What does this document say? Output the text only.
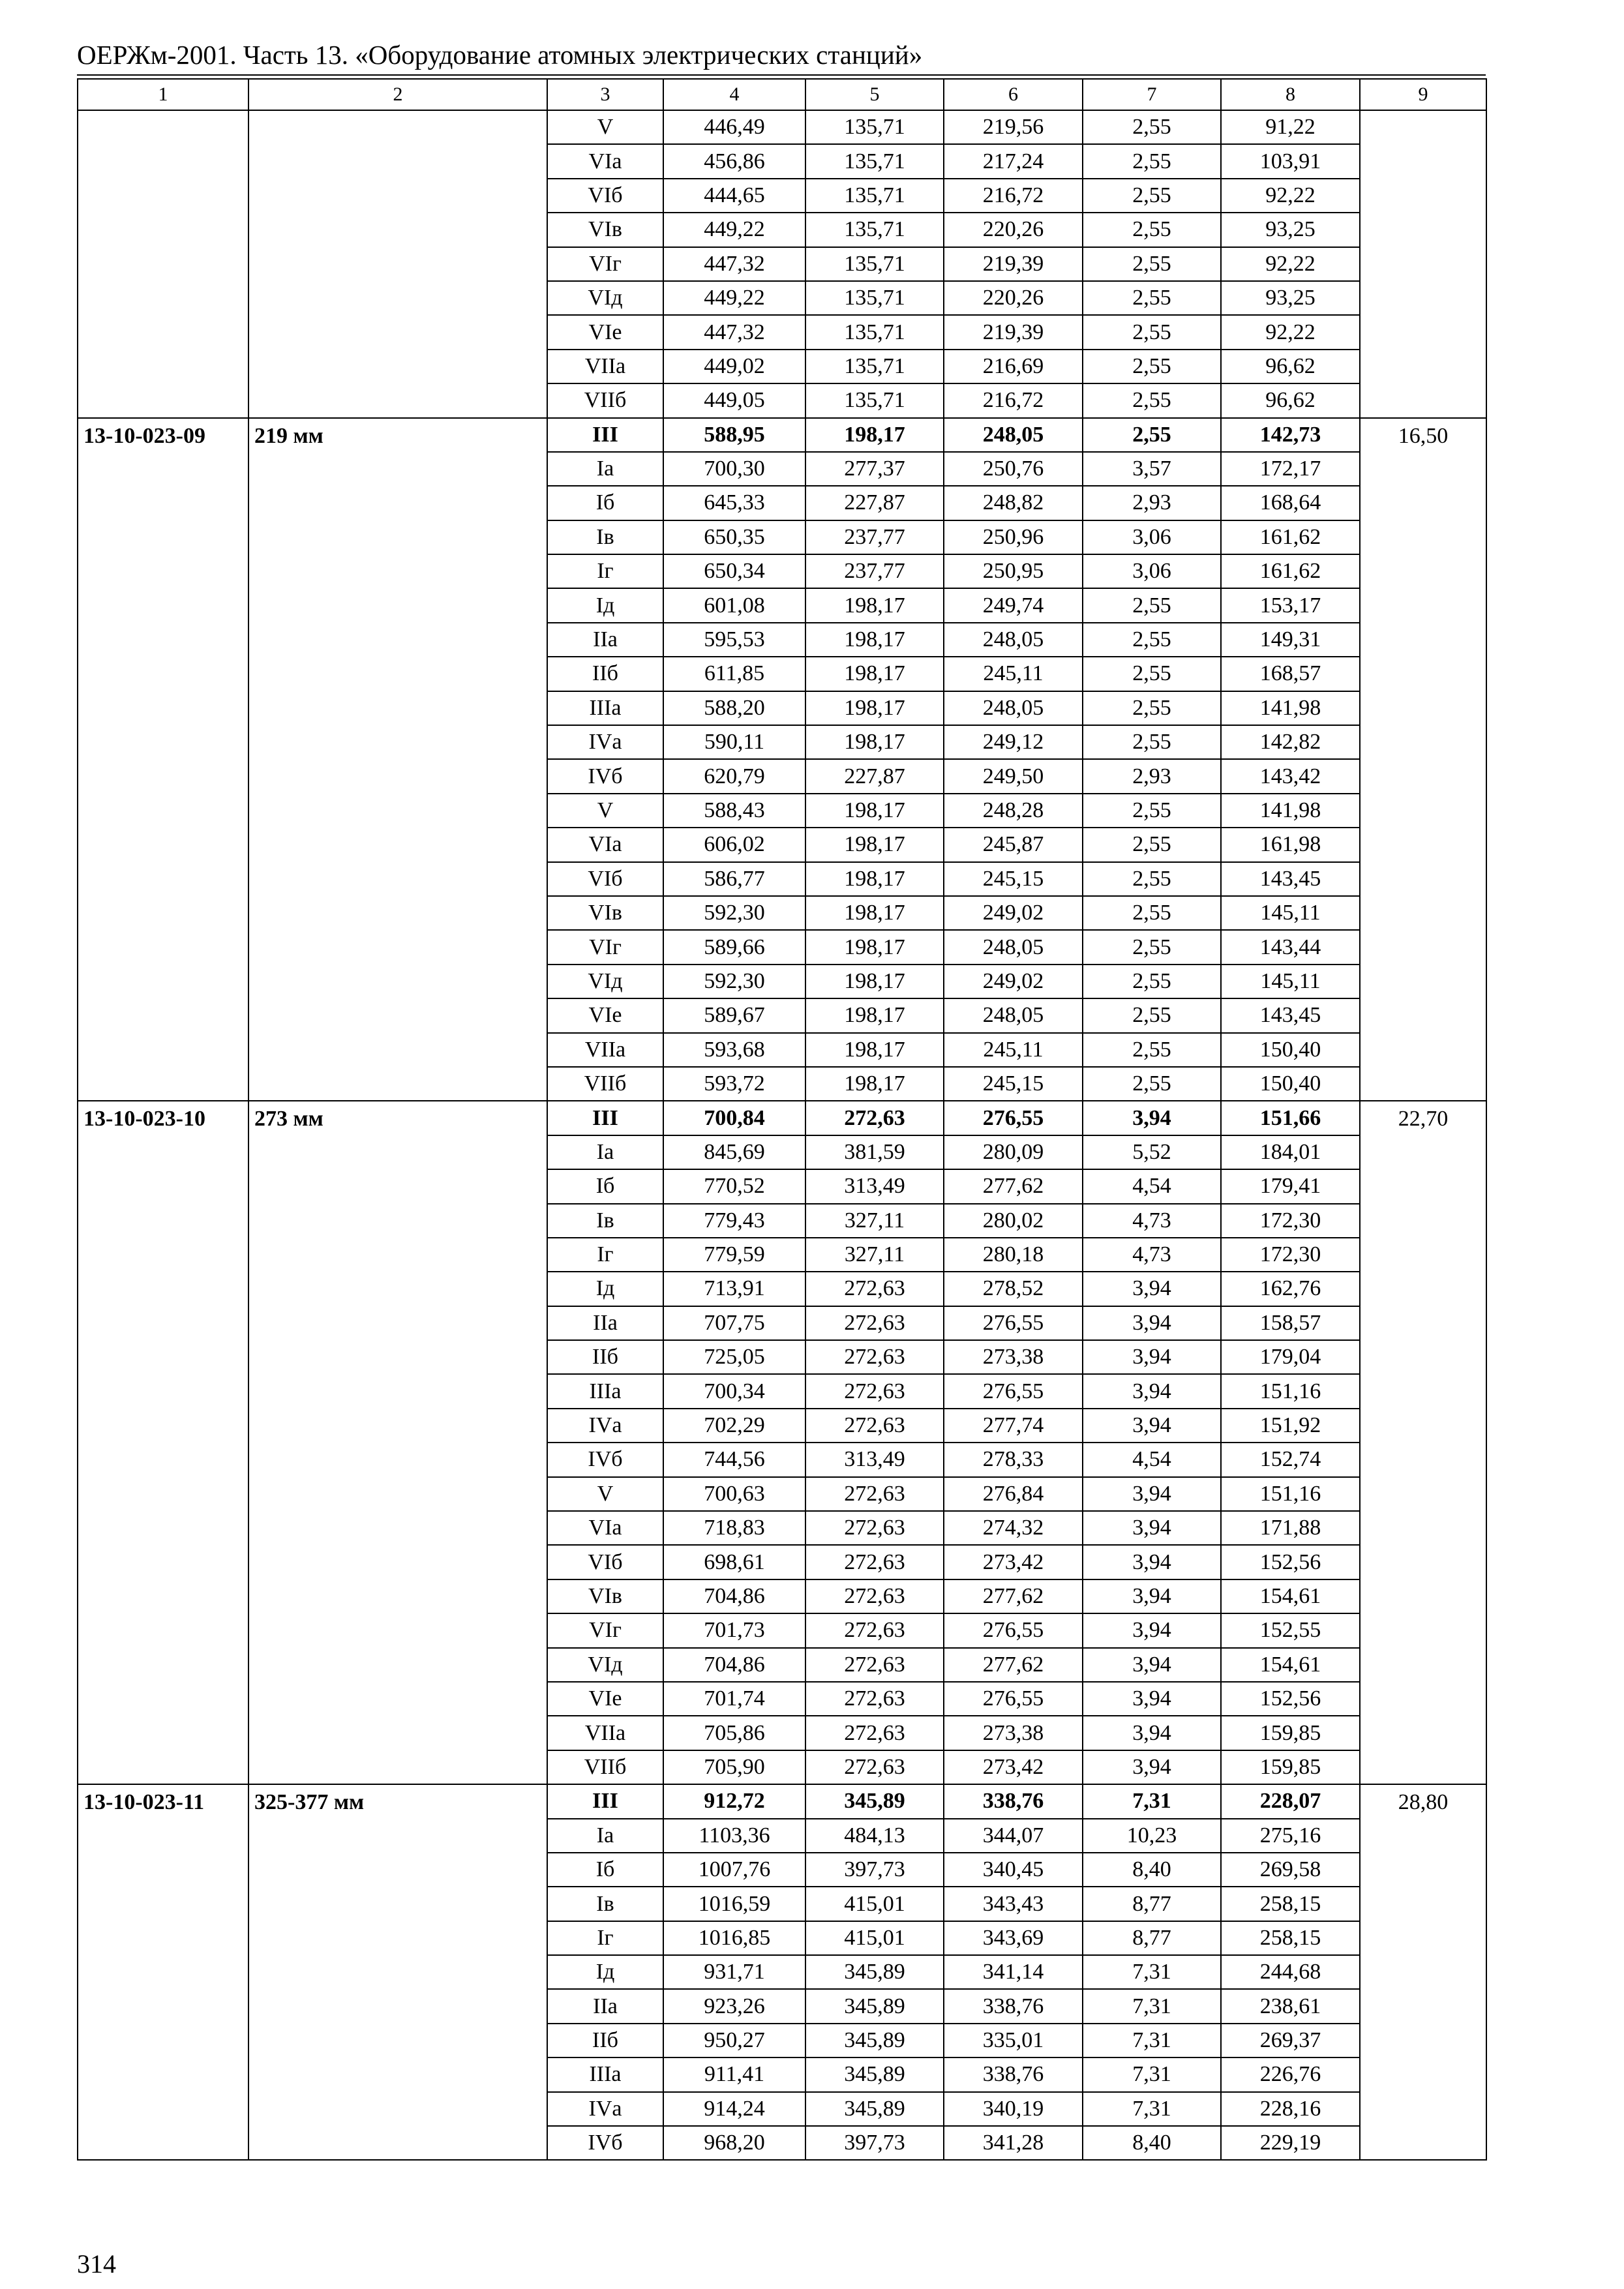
ОЕРЖм-2001. Часть 13. «Оборудование атомных электрических станций»
1	2	3	4	5	6	7	8	9
		V	446,49	135,71	219,56	2,55	91,22	
		VIа	456,86	135,71	217,24	2,55	103,91	
		VIб	444,65	135,71	216,72	2,55	92,22	
		VIв	449,22	135,71	220,26	2,55	93,25	
		VIг	447,32	135,71	219,39	2,55	92,22	
		VIд	449,22	135,71	220,26	2,55	93,25	
		VIе	447,32	135,71	219,39	2,55	92,22	
		VIIа	449,02	135,71	216,69	2,55	96,62	
		VIIб	449,05	135,71	216,72	2,55	96,62	
13-10-023-09	219 мм	III	588,95	198,17	248,05	2,55	142,73	16,50
		Iа	700,30	277,37	250,76	3,57	172,17	
		Iб	645,33	227,87	248,82	2,93	168,64	
		Iв	650,35	237,77	250,96	3,06	161,62	
		Iг	650,34	237,77	250,95	3,06	161,62	
		Iд	601,08	198,17	249,74	2,55	153,17	
		IIа	595,53	198,17	248,05	2,55	149,31	
		IIб	611,85	198,17	245,11	2,55	168,57	
		IIIа	588,20	198,17	248,05	2,55	141,98	
		IVа	590,11	198,17	249,12	2,55	142,82	
		IVб	620,79	227,87	249,50	2,93	143,42	
		V	588,43	198,17	248,28	2,55	141,98	
		VIа	606,02	198,17	245,87	2,55	161,98	
		VIб	586,77	198,17	245,15	2,55	143,45	
		VIв	592,30	198,17	249,02	2,55	145,11	
		VIг	589,66	198,17	248,05	2,55	143,44	
		VIд	592,30	198,17	249,02	2,55	145,11	
		VIе	589,67	198,17	248,05	2,55	143,45	
		VIIа	593,68	198,17	245,11	2,55	150,40	
		VIIб	593,72	198,17	245,15	2,55	150,40	
13-10-023-10	273 мм	III	700,84	272,63	276,55	3,94	151,66	22,70
		Iа	845,69	381,59	280,09	5,52	184,01	
		Iб	770,52	313,49	277,62	4,54	179,41	
		Iв	779,43	327,11	280,02	4,73	172,30	
		Iг	779,59	327,11	280,18	4,73	172,30	
		Iд	713,91	272,63	278,52	3,94	162,76	
		IIа	707,75	272,63	276,55	3,94	158,57	
		IIб	725,05	272,63	273,38	3,94	179,04	
		IIIа	700,34	272,63	276,55	3,94	151,16	
		IVа	702,29	272,63	277,74	3,94	151,92	
		IVб	744,56	313,49	278,33	4,54	152,74	
		V	700,63	272,63	276,84	3,94	151,16	
		VIа	718,83	272,63	274,32	3,94	171,88	
		VIб	698,61	272,63	273,42	3,94	152,56	
		VIв	704,86	272,63	277,62	3,94	154,61	
		VIг	701,73	272,63	276,55	3,94	152,55	
		VIд	704,86	272,63	277,62	3,94	154,61	
		VIе	701,74	272,63	276,55	3,94	152,56	
		VIIа	705,86	272,63	273,38	3,94	159,85	
		VIIб	705,90	272,63	273,42	3,94	159,85	
13-10-023-11	325-377 мм	III	912,72	345,89	338,76	7,31	228,07	28,80
		Iа	1103,36	484,13	344,07	10,23	275,16	
		Iб	1007,76	397,73	340,45	8,40	269,58	
		Iв	1016,59	415,01	343,43	8,77	258,15	
		Iг	1016,85	415,01	343,69	8,77	258,15	
		Iд	931,71	345,89	341,14	7,31	244,68	
		IIа	923,26	345,89	338,76	7,31	238,61	
		IIб	950,27	345,89	335,01	7,31	269,37	
		IIIа	911,41	345,89	338,76	7,31	226,76	
		IVа	914,24	345,89	340,19	7,31	228,16	
		IVб	968,20	397,73	341,28	8,40	229,19	
314
